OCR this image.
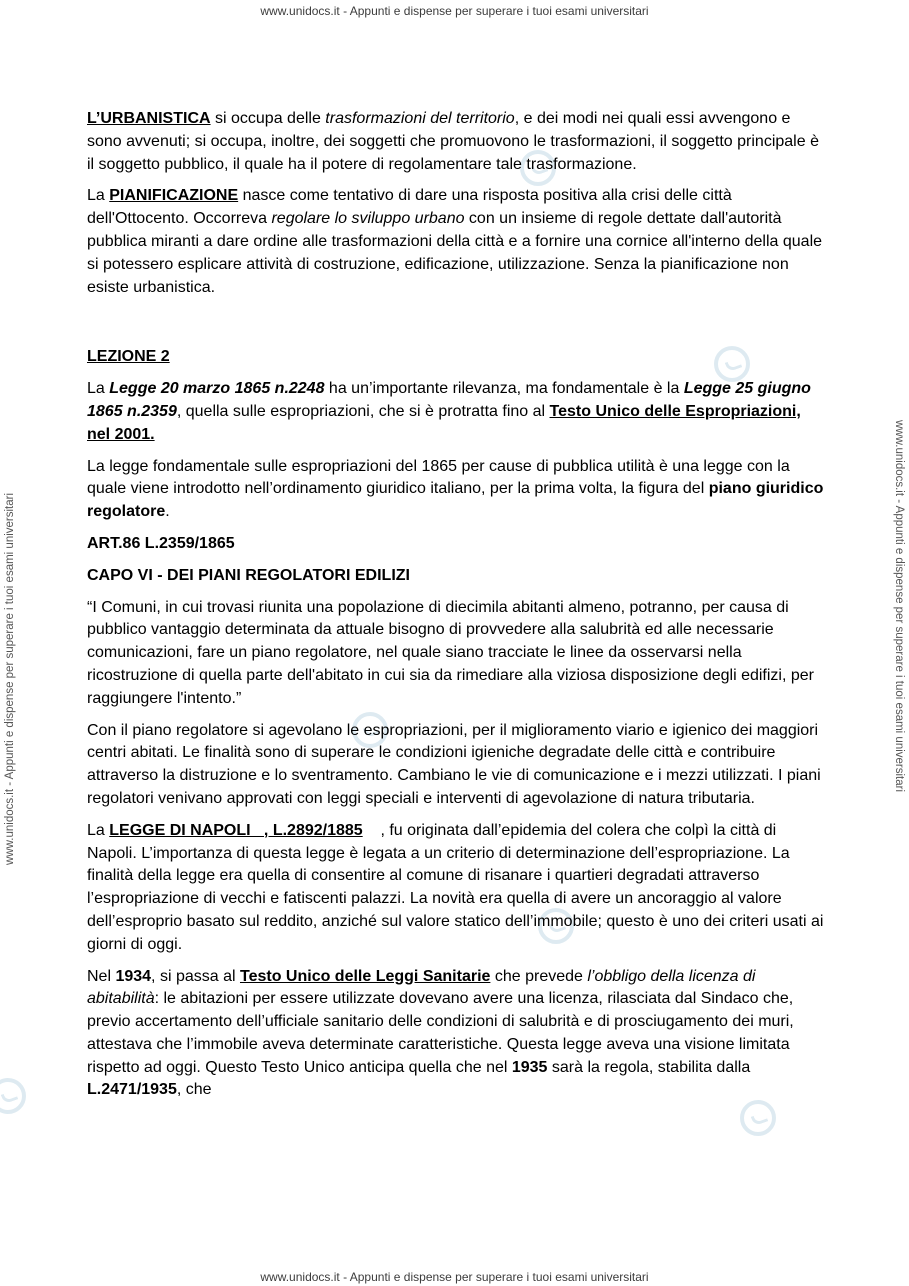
www.unidocs.it - Appunti e dispense per superare i tuoi esami universitari
www.unidocs.it - Appunti e dispense per superare i tuoi esami universitari	www.unidocs.it - Appunti e dispense per superare i tuoi esami universitari

L’URBANISTICA si occupa delle trasformazioni del territorio, e dei modi nei quali essi avvengono e sono avvenuti; si occupa, inoltre, dei soggetti che promuovono le trasformazioni, il soggetto principale è il soggetto pubblico, il quale ha il potere di regolamentare tale trasformazione.

La PIANIFICAZIONE nasce come tentativo di dare una risposta positiva alla crisi delle città dell'Ottocento. Occorreva regolare lo sviluppo urbano con un insieme di regole dettate dall'autorità pubblica miranti a dare ordine alle trasformazioni della città e a fornire una cornice all'interno della quale si potessero esplicare attività di costruzione, edificazione, utilizzazione. Senza la pianificazione non esiste urbanistica.

LEZIONE 2

La Legge 20 marzo 1865 n.2248 ha un’importante rilevanza, ma fondamentale è la Legge 25 giugno 1865 n.2359, quella sulle espropriazioni, che si è protratta fino al Testo Unico delle Espropriazioni, nel 2001.

La legge fondamentale sulle espropriazioni del 1865 per cause di pubblica utilità è una legge con la quale viene introdotto nell’ordinamento giuridico italiano, per la prima volta, la figura del piano giuridico regolatore.

ART.86 L.2359/1865

CAPO VI - DEI PIANI REGOLATORI EDILIZI

“I Comuni, in cui trovasi riunita una popolazione di diecimila abitanti almeno, potranno, per causa di pubblico vantaggio determinata da attuale bisogno di provvedere alla salubrità ed alle necessarie comunicazioni, fare un piano regolatore, nel quale siano tracciate le linee da osservarsi nella ricostruzione di quella parte dell'abitato in cui sia da rimediare alla viziosa disposizione degli edifizi, per raggiungere l'intento.”

Con il piano regolatore si agevolano le espropriazioni, per il miglioramento viario e igienico dei maggiori centri abitati. Le finalità sono di superare le condizioni igieniche degradate delle città e contribuire attraverso la distruzione e lo sventramento. Cambiano le vie di comunicazione e i mezzi utilizzati. I piani regolatori venivano approvati con leggi speciali e interventi di agevolazione di natura tributaria.

La LEGGE DI NAPOLI   , L.2892/1885    , fu originata dall’epidemia del colera che colpì la città di Napoli. L’importanza di questa legge è legata a un criterio di determinazione dell’espropriazione. La finalità della legge era quella di consentire al comune di risanare i quartieri degradati attraverso l’espropriazione di vecchi e fatiscenti palazzi. La novità era quella di avere un ancoraggio al valore dell’esproprio basato sul reddito, anziché sul valore statico dell’immobile; questo è uno dei criteri usati ai giorni di oggi.

Nel 1934, si passa al Testo Unico delle Leggi Sanitarie che prevede l’obbligo della licenza di abitabilità: le abitazioni per essere utilizzate dovevano avere una licenza, rilasciata dal Sindaco che, previo accertamento dell’ufficiale sanitario delle condizioni di salubrità e di prosciugamento dei muri, attestava che l’immobile aveva determinate caratteristiche. Questa legge aveva una visione limitata rispetto ad oggi. Questo Testo Unico anticipa quella che nel 1935 sarà la regola, stabilita dalla L.2471/1935, che

www.unidocs.it - Appunti e dispense per superare i tuoi esami universitari
